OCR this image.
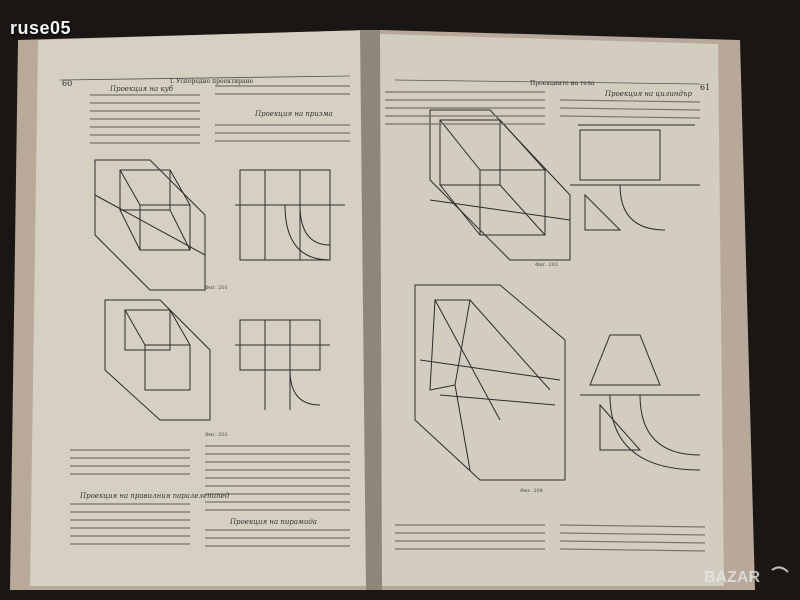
ruse05
60	I. Успоредно проектиране
Проекция на куб
Проекция на призма
Проекция на правилния паралелепипед
Проекция на пирамида
Фиг. 201
Фиг. 202
61
Проекциите на тела
Проекция на цилиндър
Фиг. 203
Фиг. 204
BAZAR
